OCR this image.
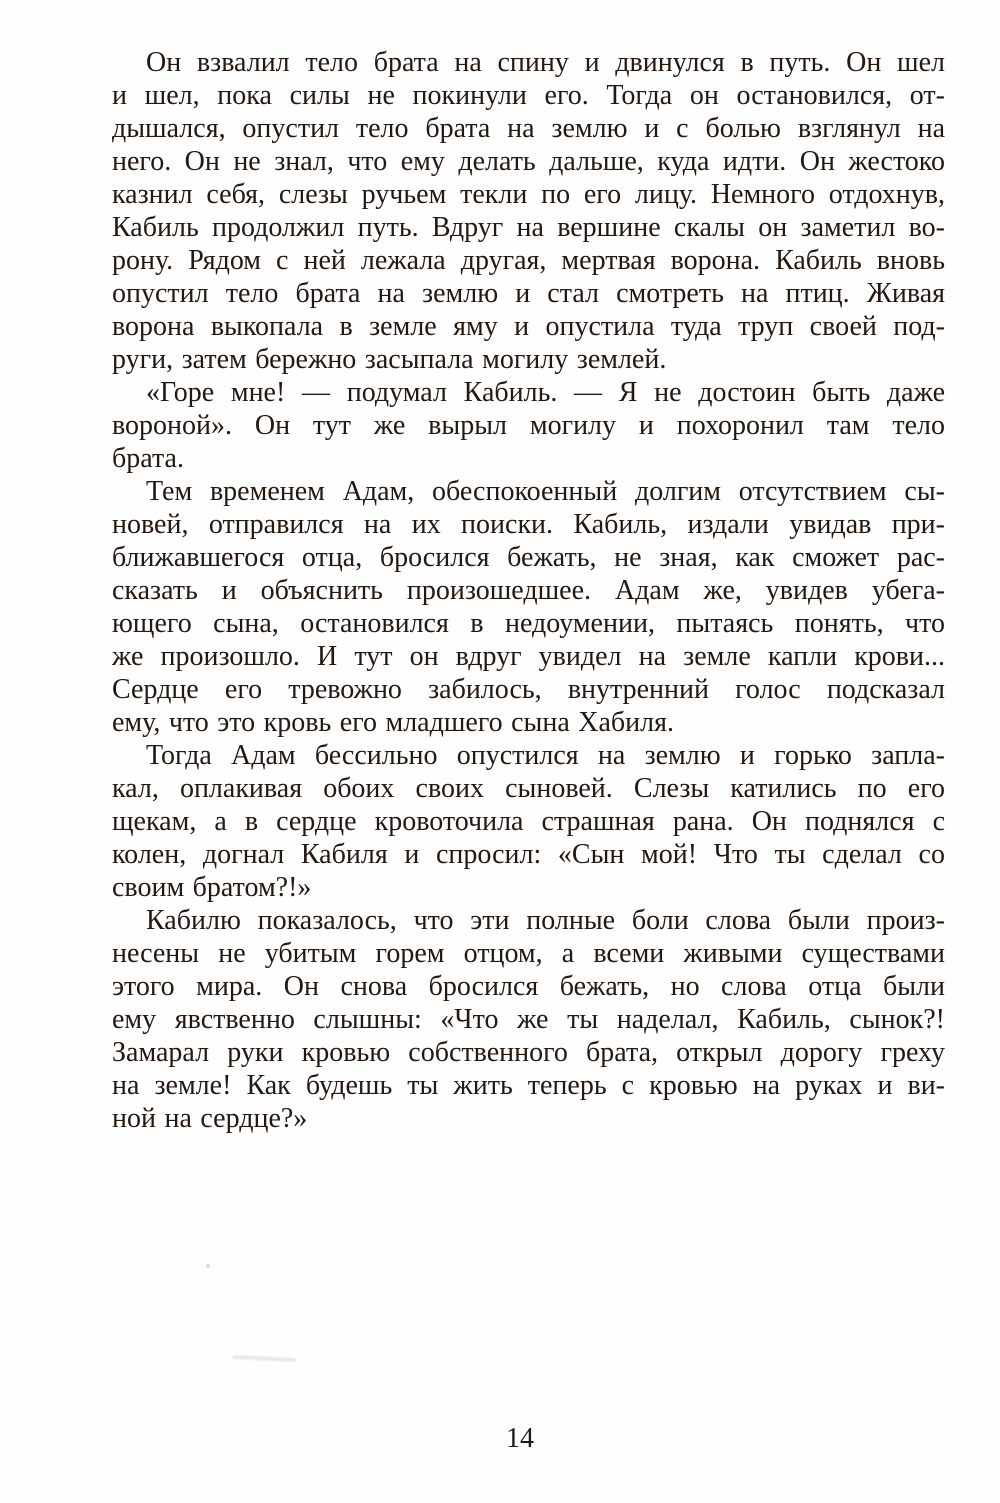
Он взвалил тело брата на спину и двинулся в путь. Он шел
и шел, пока силы не покинули его. Тогда он остановился, от-
дышался, опустил тело брата на землю и с болью взглянул на
него. Он не знал, что ему делать дальше, куда идти. Он жестоко
казнил себя, слезы ручьем текли по его лицу. Немного отдохнув,
Кабиль продолжил путь. Вдруг на вершине скалы он заметил во-
рону. Рядом с ней лежала другая, мертвая ворона. Кабиль вновь
опустил тело брата на землю и стал смотреть на птиц. Живая
ворона выкопала в земле яму и опустила туда труп своей под-
руги, затем бережно засыпала могилу землей.
«Горе мне! — подумал Кабиль. — Я не достоин быть даже
вороной». Он тут же вырыл могилу и похоронил там тело
брата.
Тем временем Адам, обеспокоенный долгим отсутствием сы-
новей, отправился на их поиски. Кабиль, издали увидав при-
ближавшегося отца, бросился бежать, не зная, как сможет рас-
сказать и объяснить произошедшее. Адам же, увидев убега-
ющего сына, остановился в недоумении, пытаясь понять, что
же произошло. И тут он вдруг увидел на земле капли крови...
Сердце его тревожно забилось, внутренний голос подсказал
ему, что это кровь его младшего сына Хабиля.
Тогда Адам бессильно опустился на землю и горько запла-
кал, оплакивая обоих своих сыновей. Слезы катились по его
щекам, а в сердце кровоточила страшная рана. Он поднялся с
колен, догнал Кабиля и спросил: «Сын мой! Что ты сделал со
своим братом?!»
Кабилю показалось, что эти полные боли слова были произ-
несены не убитым горем отцом, а всеми живыми существами
этого мира. Он снова бросился бежать, но слова отца были
ему явственно слышны: «Что же ты наделал, Кабиль, сынок?!
Замарал руки кровью собственного брата, открыл дорогу греху
на земле! Как будешь ты жить теперь с кровью на руках и ви-
ной на сердце?»
14
